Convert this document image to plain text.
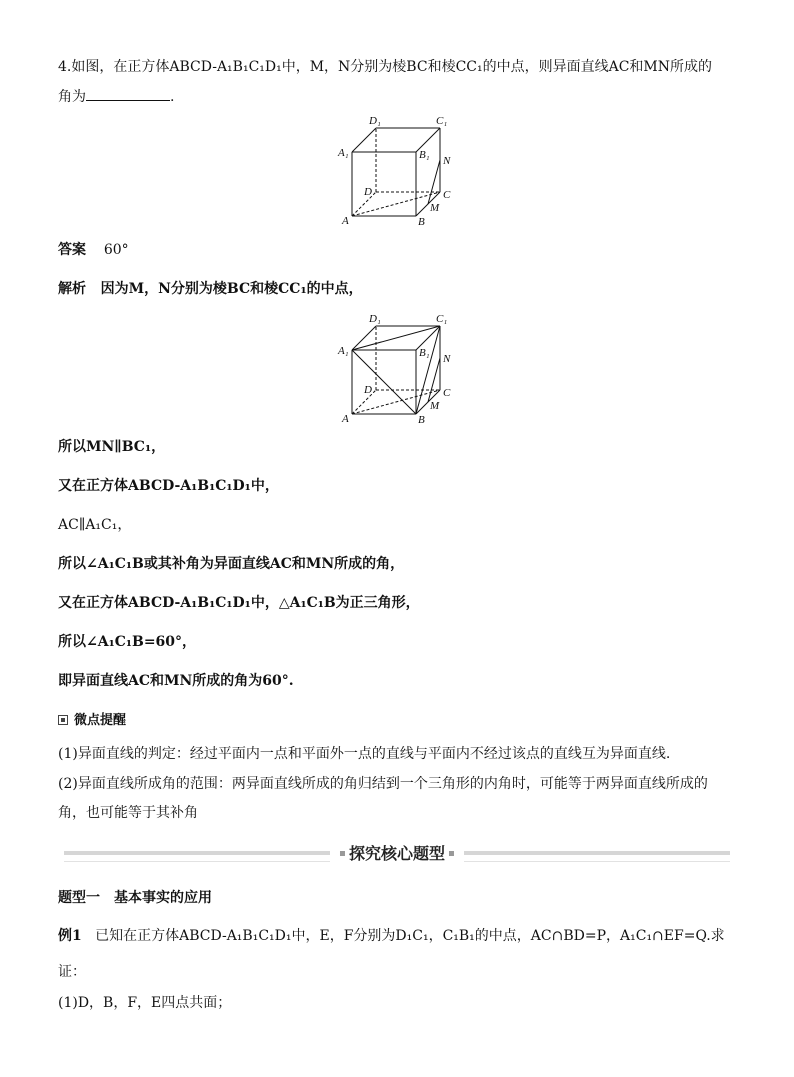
4.如图，在正方体ABCD-A₁B₁C₁D₁中，M，N分别为棱BC和棱CC₁的中点，则异面直线AC和MN所成的
角为	.
D₁	C₁
A₁	B₁ N
D	C
M
A	B
答案 60°
解析 因为M，N分别为棱BC和棱CC₁的中点，
D₁	C₁
A₁	B₁ N
D	C
M
A	B
所以MN∥BC₁，
又在正方体ABCD-A₁B₁C₁D₁中，
AC∥A₁C₁，
所以∠A₁C₁B或其补角为异面直线AC和MN所成的角，
又在正方体ABCD-A₁B₁C₁D₁中，△A₁C₁B为正三角形，
所以∠A₁C₁B=60°，
即异面直线AC和MN所成的角为60°.
微点提醒
(1)异面直线的判定：经过平面内一点和平面外一点的直线与平面内不经过该点的直线互为异面直线.
(2)异面直线所成角的范围：两异面直线所成的角归结到一个三角形的内角时，可能等于两异面直线所成的
角，也可能等于其补角
探究核心题型
题型一　基本事实的应用
例1 已知在正方体ABCD-A₁B₁C₁D₁中，E，F分别为D₁C₁，C₁B₁的中点，AC∩BD=P，A₁C₁∩EF=Q.求
证：
(1)D，B，F，E四点共面；
